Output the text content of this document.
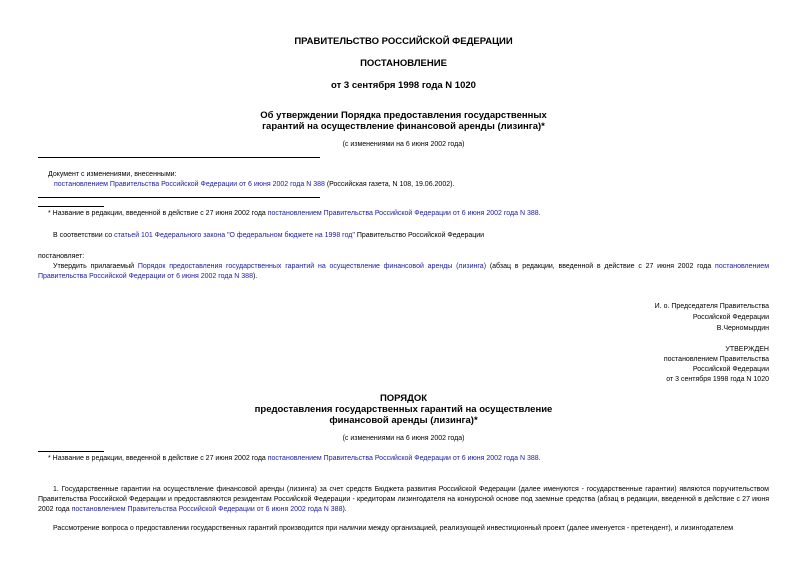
ПРАВИТЕЛЬСТВО РОССИЙСКОЙ ФЕДЕРАЦИИ
ПОСТАНОВЛЕНИЕ
от 3 сентября 1998 года N 1020
Об утверждении Порядка предоставления государственных
гарантий на осуществление финансовой аренды (лизинга)*
(с изменениями на 6 июня 2002 года)
Документ с изменениями, внесенными:
постановлением Правительства Российской Федерации от 6 июня 2002 года N 388 (Российская газета, N 108, 19.06.2002).
* Название в редакции, введенной в действие с 27 июня 2002 года постановлением Правительства Российской Федерации от 6 июня 2002 года N 388.
В соответствии со статьей 101 Федерального закона "О федеральном бюджете на 1998 год" Правительство Российской Федерации
постановляет:
Утвердить прилагаемый Порядок предоставления государственных гарантий на осуществление финансовой аренды (лизинга) (абзац в редакции, введенной в действие с 27 июня 2002 года постановлением Правительства Российской Федерации от 6 июня 2002 года N 388).
И. о. Председателя Правительства
Российской Федерации
В.Черномырдин
УТВЕРЖДЕН
постановлением Правительства
Российской Федерации
от 3 сентября 1998 года N 1020
ПОРЯДОК
предоставления государственных гарантий на осуществление
финансовой аренды (лизинга)*
(с изменениями на 6 июня 2002 года)
* Название в редакции, введенной в действие с 27 июня 2002 года постановлением Правительства Российской Федерации от 6 июня 2002 года N 388.
1. Государственные гарантии на осуществление финансовой аренды (лизинга) за счет средств Бюджета развития Российской Федерации (далее именуются - государственные гарантии) являются поручительством Правительства Российской Федерации и предоставляются резидентам Российской Федерации - кредиторам лизингодателя на конкурсной основе под заемные средства (абзац в редакции, введенной в действие с 27 июня 2002 года постановлением Правительства Российской Федерации от 6 июня 2002 года N 388).
Рассмотрение вопроса о предоставлении государственных гарантий производится при наличии между организацией, реализующей инвестиционный проект (далее именуется - претендент), и лизингодателем
